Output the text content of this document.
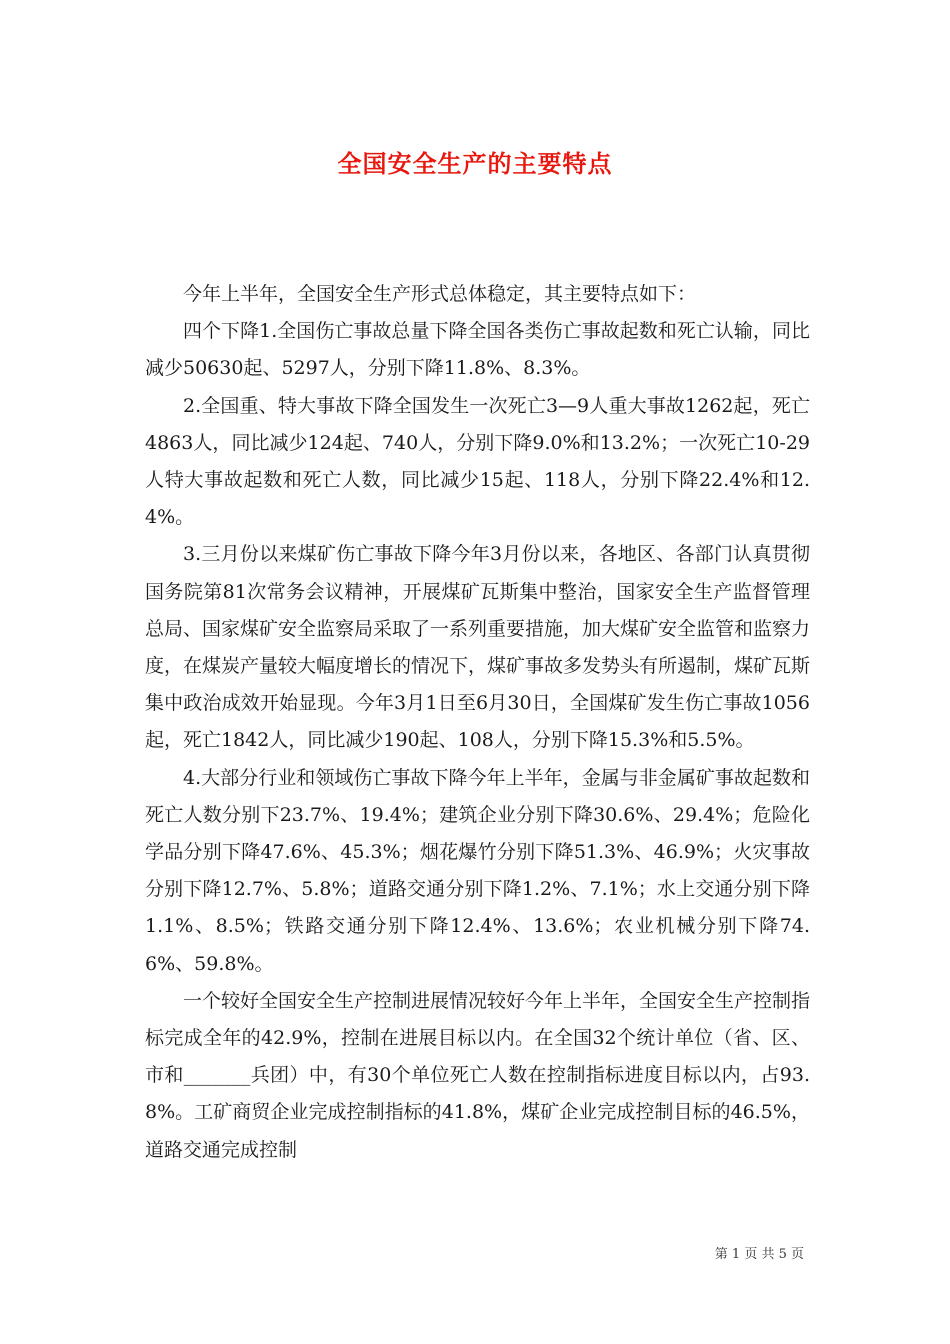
全国安全生产的主要特点

今年上半年，全国安全生产形式总体稳定，其主要特点如下：

四个下降1.全国伤亡事故总量下降全国各类伤亡事故起数和死亡认输，同比减少50630起、5297人，分别下降11.8%、8.3%。

2.全国重、特大事故下降全国发生一次死亡3—9人重大事故1262起，死亡4863人，同比减少124起、740人，分别下降9.0%和13.2%；一次死亡10-29人特大事故起数和死亡人数，同比减少15起、118人，分别下降22.4%和12.4%。

3.三月份以来煤矿伤亡事故下降今年3月份以来，各地区、各部门认真贯彻国务院第81次常务会议精神，开展煤矿瓦斯集中整治，国家安全生产监督管理总局、国家煤矿安全监察局采取了一系列重要措施，加大煤矿安全监管和监察力度，在煤炭产量较大幅度增长的情况下，煤矿事故多发势头有所遏制，煤矿瓦斯集中政治成效开始显现。今年3月1日至6月30日，全国煤矿发生伤亡事故1056起，死亡1842人，同比减少190起、108人，分别下降15.3%和5.5%。

4.大部分行业和领域伤亡事故下降今年上半年，金属与非金属矿事故起数和死亡人数分别下23.7%、19.4%；建筑企业分别下降30.6%、29.4%；危险化学品分别下降47.6%、45.3%；烟花爆竹分别下降51.3%、46.9%；火灾事故分别下降12.7%、5.8%；道路交通分别下降1.2%、7.1%；水上交通分别下降1.1%、8.5%；铁路交通分别下降12.4%、13.6%；农业机械分别下降74.6%、59.8%。

一个较好全国安全生产控制进展情况较好今年上半年，全国安全生产控制指标完成全年的42.9%，控制在进展目标以内。在全国32个统计单位（省、区、市和_______兵团）中，有30个单位死亡人数在控制指标进度目标以内，占93.8%。工矿商贸企业完成控制指标的41.8%，煤矿企业完成控制目标的46.5%，道路交通完成控制

第 1 页 共 5 页
